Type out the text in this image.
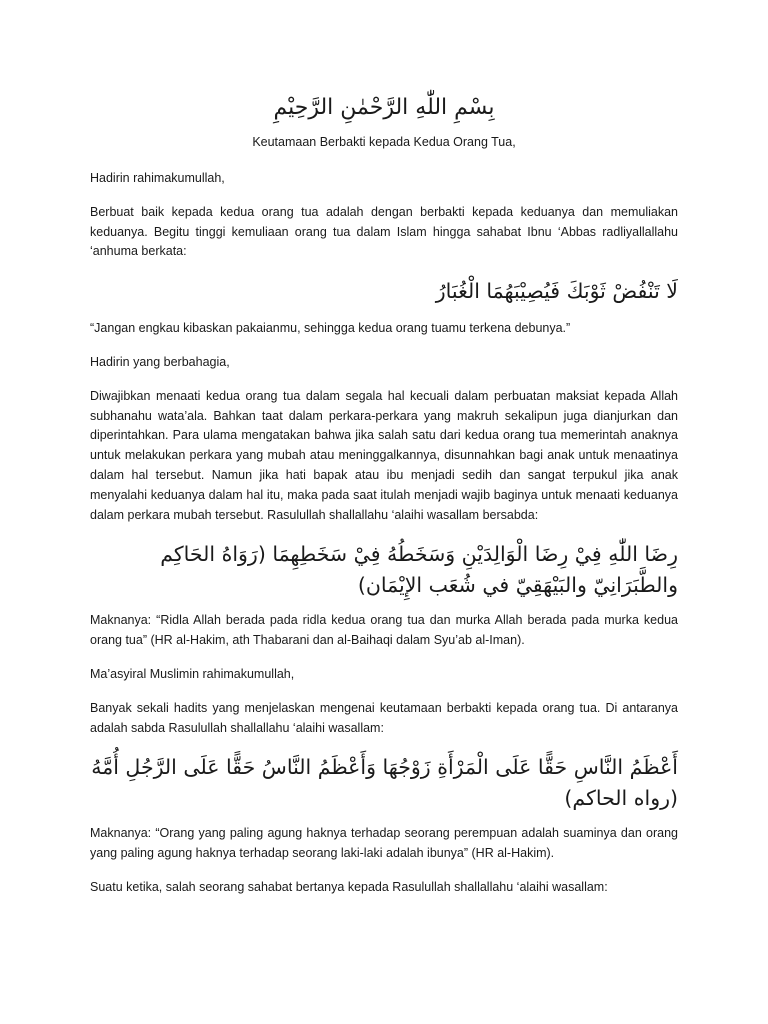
بِسْمِ اللّٰهِ الرَّحْمٰنِ الرَّحِيْمِ
Keutamaan Berbakti kepada Kedua Orang Tua,

Hadirin rahimakumullah,

Berbuat baik kepada kedua orang tua adalah dengan berbakti kepada keduanya dan memuliakan keduanya. Begitu tinggi kemuliaan orang tua dalam Islam hingga sahabat Ibnu ‘Abbas radliyallallahu ‘anhuma berkata:

لَا تَنْفُضْ ثَوْبَكَ فَيُصِيْبَهُمَا الْغُبَارُ

“Jangan engkau kibaskan pakaianmu, sehingga kedua orang tuamu terkena debunya.”

Hadirin yang berbahagia,

Diwajibkan menaati kedua orang tua dalam segala hal kecuali dalam perbuatan maksiat kepada Allah subhanahu wata’ala. Bahkan taat dalam perkara-perkara yang makruh sekalipun juga dianjurkan dan diperintahkan. Para ulama mengatakan bahwa jika salah satu dari kedua orang tua memerintah anaknya untuk melakukan perkara yang mubah atau meninggalkannya, disunnahkan bagi anak untuk menaatinya dalam hal tersebut. Namun jika hati bapak atau ibu menjadi sedih dan sangat terpukul jika anak menyalahi keduanya dalam hal itu, maka pada saat itulah menjadi wajib baginya untuk menaati keduanya dalam perkara mubah tersebut. Rasulullah shallallahu ‘alaihi wasallam bersabda:

رِضَا اللّٰهِ فِيْ رِضَا الْوَالِدَيْنِ وَسَخَطُهُ فِيْ سَخَطِهِمَا (رَوَاهُ الحَاكِم والطَّبَرَانِيّ والبَيْهَقِيّ في شُعَب الإِيْمَان)

Maknanya: “Ridla Allah berada pada ridla kedua orang tua dan murka Allah berada pada murka kedua orang tua” (HR al-Hakim, ath Thabarani dan al-Baihaqi dalam Syu’ab al-Iman).

Ma’asyiral Muslimin rahimakumullah,

Banyak sekali hadits yang menjelaskan mengenai keutamaan berbakti kepada orang tua. Di antaranya adalah sabda Rasulullah shallallahu ‘alaihi wasallam:

أَعْظَمُ النَّاسِ حَقًّا عَلَى الْمَرْأَةِ زَوْجُهَا وَأَعْظَمُ النَّاسُ حَقًّا عَلَى الرَّجُلِ أُمَّهُ (رواه الحاكم)

Maknanya: “Orang yang paling agung haknya terhadap seorang perempuan adalah suaminya dan orang yang paling agung haknya terhadap seorang laki-laki adalah ibunya” (HR al-Hakim).

Suatu ketika, salah seorang sahabat bertanya kepada Rasulullah shallallahu ‘alaihi wasallam:
